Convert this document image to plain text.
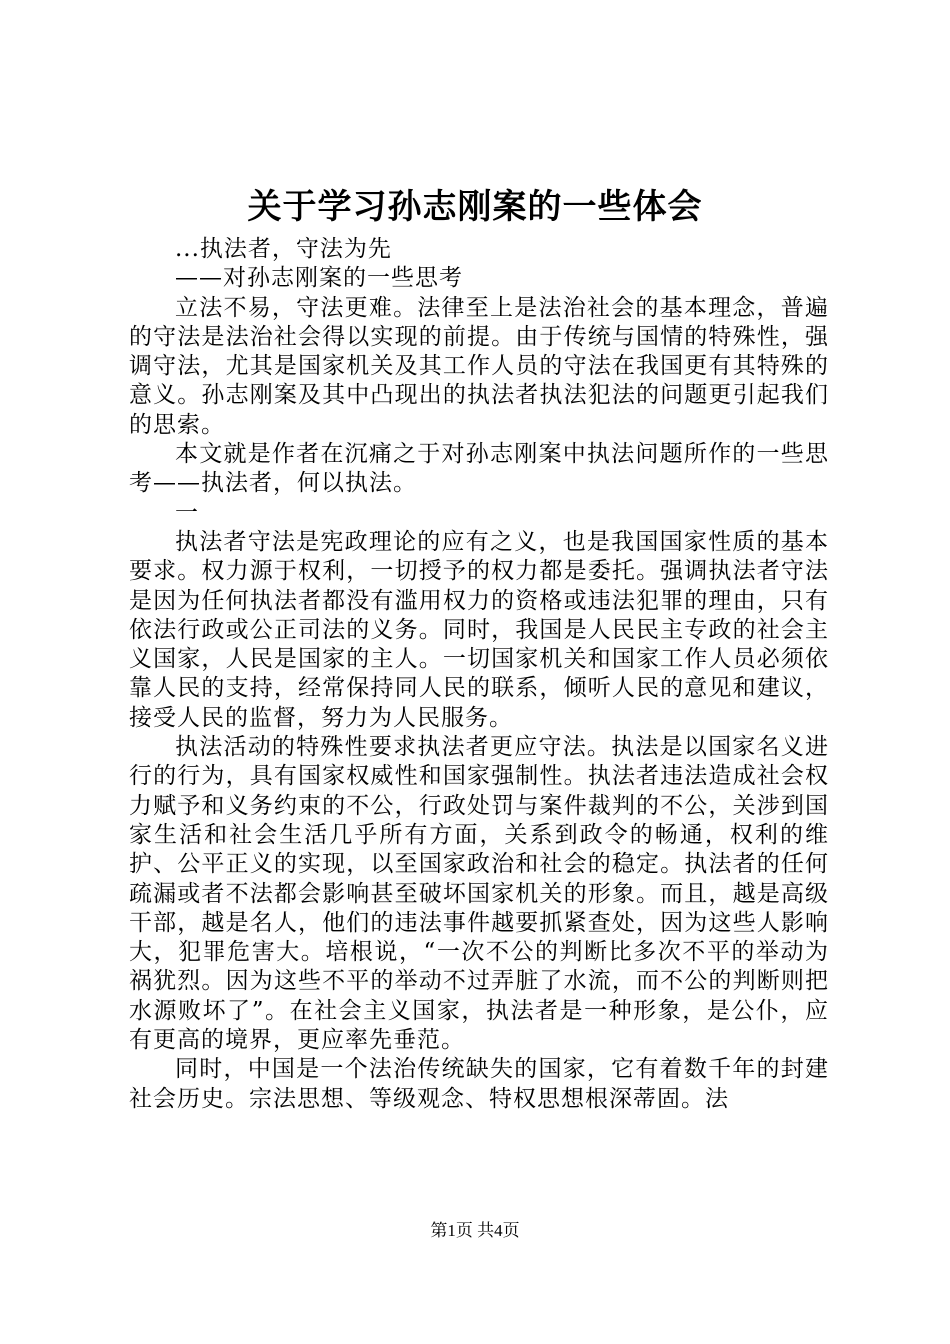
关于学习孙志刚案的一些体会

...执法者，守法为先

——对孙志刚案的一些思考

立法不易，守法更难。法律至上是法治社会的基本理念，普遍的守法是法治社会得以实现的前提。由于传统与国情的特殊性，强调守法，尤其是国家机关及其工作人员的守法在我国更有其特殊的意义。孙志刚案及其中凸现出的执法者执法犯法的问题更引起我们的思索。

本文就是作者在沉痛之于对孙志刚案中执法问题所作的一些思考——执法者，何以执法。

一

执法者守法是宪政理论的应有之义，也是我国国家性质的基本要求。权力源于权利，一切授予的权力都是委托。强调执法者守法是因为任何执法者都没有滥用权力的资格或违法犯罪的理由，只有依法行政或公正司法的义务。同时，我国是人民民主专政的社会主义国家，人民是国家的主人。一切国家机关和国家工作人员必须依靠人民的支持，经常保持同人民的联系，倾听人民的意见和建议，接受人民的监督，努力为人民服务。

执法活动的特殊性要求执法者更应守法。执法是以国家名义进行的行为，具有国家权威性和国家强制性。执法者违法造成社会权力赋予和义务约束的不公，行政处罚与案件裁判的不公，关涉到国家生活和社会生活几乎所有方面，关系到政令的畅通，权利的维护、公平正义的实现，以至国家政治和社会的稳定。执法者的任何疏漏或者不法都会影响甚至破坏国家机关的形象。而且，越是高级干部，越是名人，他们的违法事件越要抓紧查处，因为这些人影响大，犯罪危害大。培根说，“一次不公的判断比多次不平的举动为祸犹烈。因为这些不平的举动不过弄脏了水流，而不公的判断则把水源败坏了”。在社会主义国家，执法者是一种形象，是公仆，应有更高的境界，更应率先垂范。

同时，中国是一个法治传统缺失的国家，它有着数千年的封建社会历史。宗法思想、等级观念、特权思想根深蒂固。法

第1页 共4页
